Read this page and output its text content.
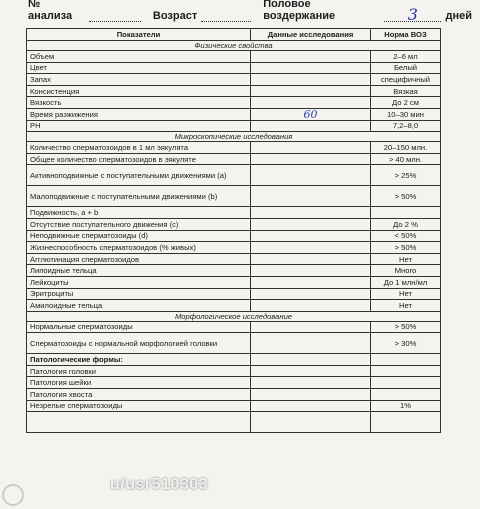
№ анализа	Возраст
Половое воздержание	3	дней
Показатели	Данные исследования	Норма ВОЗ
Физические свойства		
Объем		2–6 мл
Цвет		Белый
Запах		специфичный
Консистенция		Вязкая
Вязкость		До 2 см
Время разжижения	60	10–30 мин
PH		7,2–8,0
Микроскопические исследования		
Количество сперматозоидов в 1 мл эякулята		20–150 млн.
Общее количество сперматозоидов в эякуляте		> 40 млн.
Активноподвижные с поступательными движениями (a)		> 25%
Малоподвижные с поступательными движениями (b)		> 50%
Подвижность, a + b		
Отсутствие поступательного движения (c)		До 2 %
Неподвижные сперматозоиды (d)		< 50%
Жизнеспособность сперматозоидов (% живых)		> 50%
Агглютинация сперматозоидов		Нет
Липоидные тельца		Много
Лейкоциты		До 1 млн/мл
Эритроциты		Нет
Амилоидные тельца		Нет
Морфологическое исследование		
Нормальные сперматозоиды		> 50%
Сперматозоиды с нормальной морфологией головки		> 30%
Патологические формы:		
Патология головки		
Патология шейки		
Патология хвоста		
Незрелые сперматозоиды		1%

u/usr510303
